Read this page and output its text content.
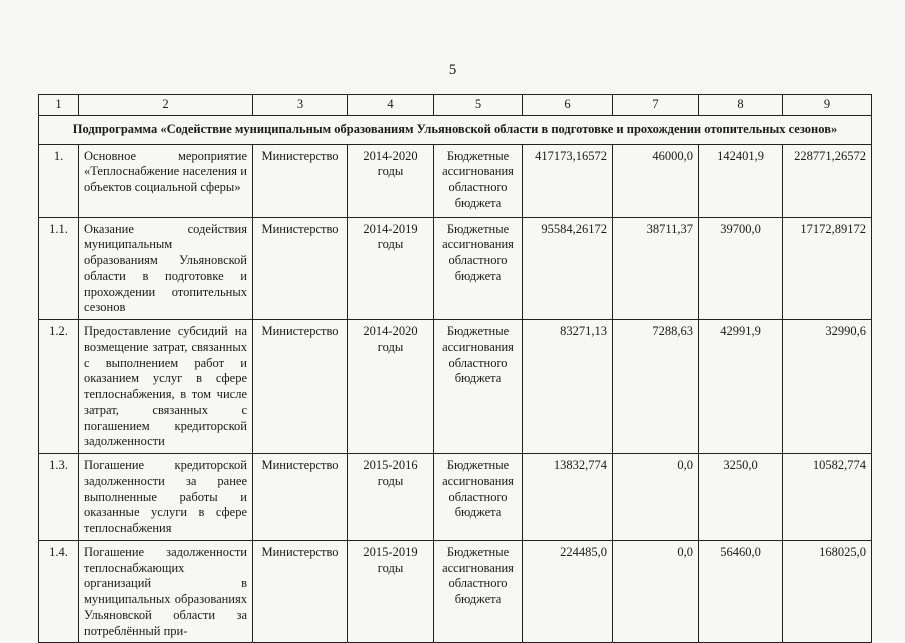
5
1	2	3	4	5	6	7	8	9
Подпрограмма «Содействие муниципальным образованиям Ульяновской области в подготовке и прохождении отопительных сезонов»								
1.	Основное мероприятие «Теплоснабжение населения и объектов социальной сферы»	Министерство	2014-2020 годы	Бюджетные ассигнования областного бюджета	417173,16572	46000,0	142401,9	228771,26572
1.1.	Оказание содействия муниципальным образованиям Ульяновской области в подготовке и прохождении отопительных сезонов	Министерство	2014-2019 годы	Бюджетные ассигнования областного бюджета	95584,26172	38711,37	39700,0	17172,89172
1.2.	Предоставление субсидий на возмещение затрат, связанных с выполнением работ и оказанием услуг в сфере теплоснабжения, в том числе затрат, связанных с погашением кредиторской задолженности	Министерство	2014-2020 годы	Бюджетные ассигнования областного бюджета	83271,13	7288,63	42991,9	32990,6
1.3.	Погашение кредиторской задолженности за ранее выполненные работы и оказанные услуги в сфере теплоснабжения	Министерство	2015-2016 годы	Бюджетные ассигнования областного бюджета	13832,774	0,0	3250,0	10582,774
1.4.	Погашение задолженности теплоснабжающих организаций в муниципальных образованиях Ульяновской области за потреблённый при-	Министерство	2015-2019 годы	Бюджетные ассигнования областного бюджета	224485,0	0,0	56460,0	168025,0
